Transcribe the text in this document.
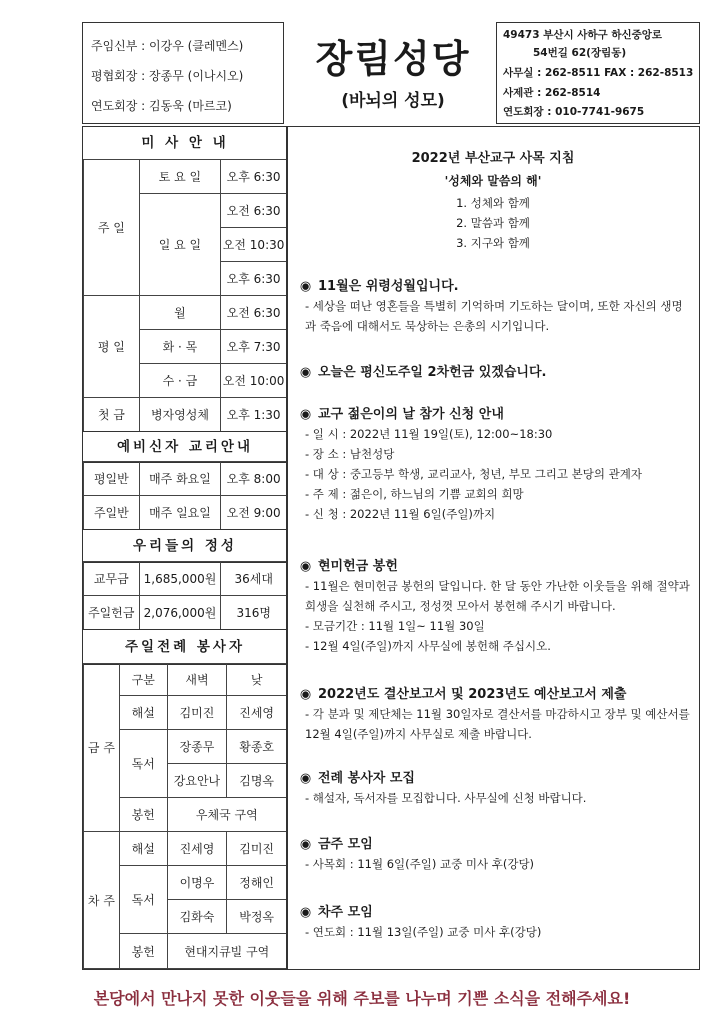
주임신부 : 이강우 (클레멘스)
평협회장 : 장종무 (이나시오)
연도회장 : 김동욱 (마르코)
장림성당
(바뇌의 성모)
49473 부산시 사하구 하신중앙로
54번길 62(장림동)
사무실 : 262-8511 FAX : 262-8513
사제관 : 262-8514
연도회장 : 010-7741-9675
미 사 안 내
주 일	토 요 일	오후 6:30
	일 요 일	오전 6:30
		오전 10:30
		오후 6:30
평 일	월	오전 6:30
	화 · 목	오후 7:30
	수 · 금	오전 10:00
첫 금	병자영성체	오후 1:30
예비신자 교리안내
평일반	매주 화요일	오후 8:00
주일반	매주 일요일	오전 9:00
우리들의 정성
교무금	1,685,000원	36세대
주일헌금	2,076,000원	316명
주일전례 봉사자
금 주	구분	새벽	낮
	해설	김미진	진세영
	독서	장종무	황종호
		강요안나	김명옥
	봉헌	우체국 구역	
차 주	해설	진세영	김미진
	독서	이명우	정해인
		김화숙	박정옥
	봉헌	현대지큐빌 구역	
2022년 부산교구 사목 지침
'성체와 말씀의 해'
1. 성체와 함께
2. 말씀과 함께
3. 지구와 함께
◉ 11월은 위령성월입니다.
- 세상을 떠난 영혼들을 특별히 기억하며 기도하는 달이며, 또한 자신의 생명과 죽음에 대해서도 묵상하는 은총의 시기입니다.
◉ 오늘은 평신도주일 2차헌금 있겠습니다.
◉ 교구 젊은이의 날 참가 신청 안내
- 일 시 : 2022년 11월 19일(토), 12:00~18:30
- 장 소 : 남천성당
- 대 상 : 중고등부 학생, 교리교사, 청년, 부모 그리고 본당의 관계자
- 주 제 : 젊은이, 하느님의 기쁨 교회의 희망
- 신 청 : 2022년 11월 6일(주일)까지
◉ 현미헌금 봉헌
- 11월은 현미헌금 봉헌의 달입니다. 한 달 동안 가난한 이웃들을 위해 절약과 희생을 실천해 주시고, 정성껏 모아서 봉헌해 주시기 바랍니다.
- 모금기간 : 11월 1일~ 11월 30일
- 12월 4일(주일)까지 사무실에 봉헌해 주십시오.
◉ 2022년도 결산보고서 및 2023년도 예산보고서 제출
- 각 분과 및 제단체는 11월 30일자로 결산서를 마감하시고 장부 및 예산서를 12월 4일(주일)까지 사무실로 제출 바랍니다.
◉ 전례 봉사자 모집
- 해설자, 독서자를 모집합니다. 사무실에 신청 바랍니다.
◉ 금주 모임
- 사목회 : 11월 6일(주일) 교중 미사 후(강당)
◉ 차주 모임
- 연도회 : 11월 13일(주일) 교중 미사 후(강당)
본당에서 만나지 못한 이웃들을 위해 주보를 나누며 기쁜 소식을 전해주세요!
